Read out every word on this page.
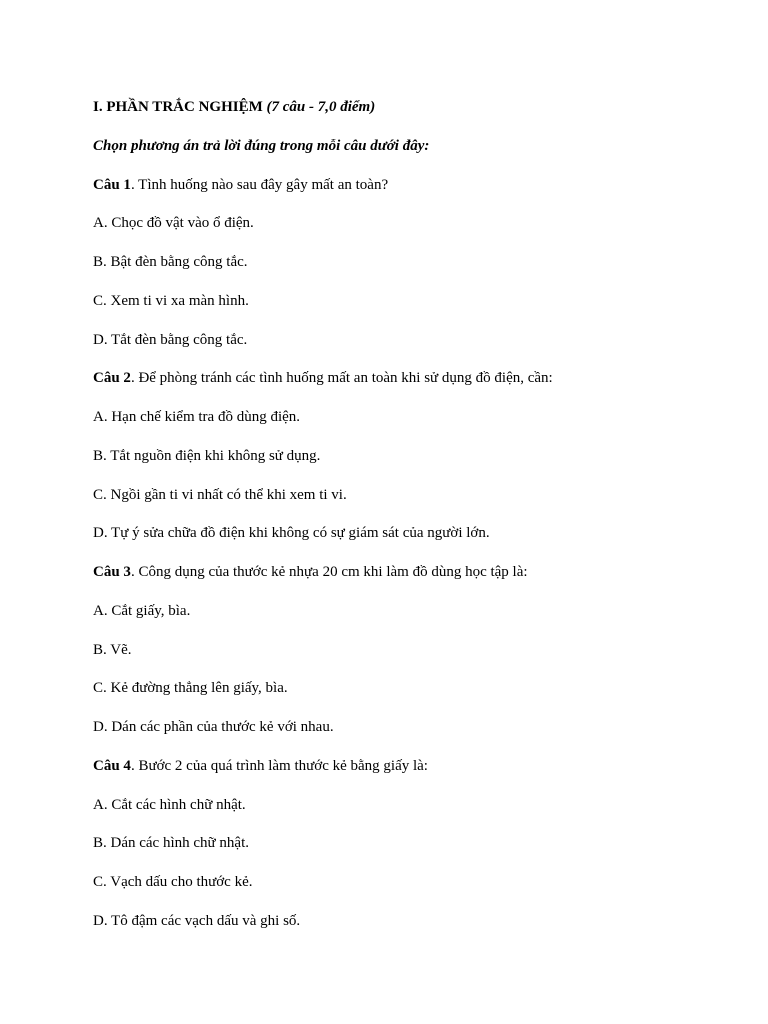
I. PHẦN TRẮC NGHIỆM (7 câu - 7,0 điểm)
Chọn phương án trả lời đúng trong mỗi câu dưới đây:
Câu 1. Tình huống nào sau đây gây mất an toàn?
A. Chọc đồ vật vào ổ điện.
B. Bật đèn bằng công tắc.
C. Xem ti vi xa màn hình.
D. Tắt đèn bằng công tắc.
Câu 2. Để phòng tránh các tình huống mất an toàn khi sử dụng đồ điện, cần:
A. Hạn chế kiểm tra đồ dùng điện.
B. Tắt nguồn điện khi không sử dụng.
C. Ngồi gần ti vi nhất có thể khi xem ti vi.
D. Tự ý sửa chữa đồ điện khi không có sự giám sát của người lớn.
Câu 3. Công dụng của thước kẻ nhựa 20 cm khi làm đồ dùng học tập là:
A. Cắt giấy, bìa.
B. Vẽ.
C. Kẻ đường thẳng lên giấy, bìa.
D. Dán các phần của thước kẻ với nhau.
Câu 4. Bước 2 của quá trình làm thước kẻ bằng giấy là:
A. Cắt các hình chữ nhật.
B. Dán các hình chữ nhật.
C. Vạch dấu cho thước kẻ.
D. Tô đậm các vạch dấu và ghi số.
